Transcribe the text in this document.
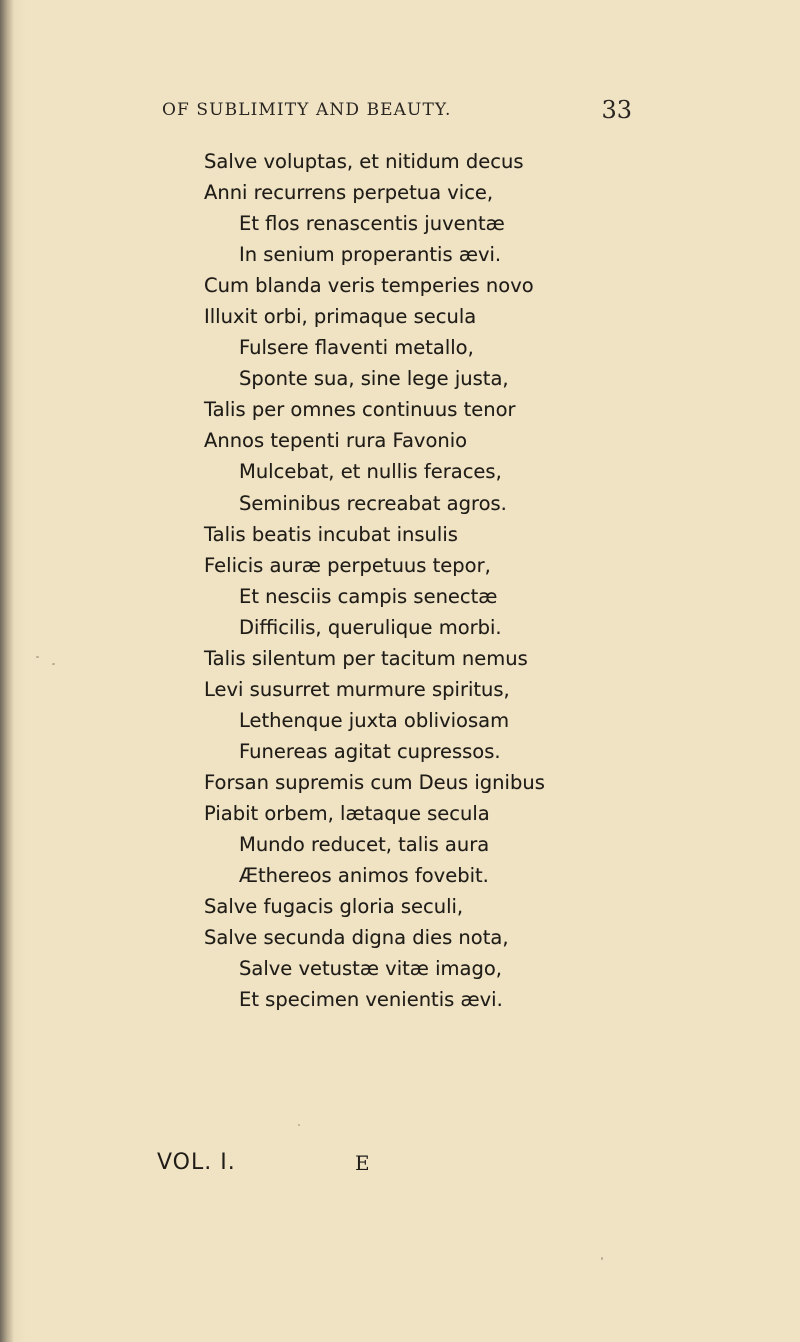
OF SUBLIMITY AND BEAUTY.	33
Salve voluptas, et nitidum decus
Anni recurrens perpetua vice,
Et flos renascentis juventæ
In senium properantis ævi.
Cum blanda veris temperies novo
Illuxit orbi, primaque secula
Fulsere flaventi metallo,
Sponte sua, sine lege justa,
Talis per omnes continuus tenor
Annos tepenti rura Favonio
Mulcebat, et nullis feraces,
Seminibus recreabat agros.
Talis beatis incubat insulis
Felicis auræ perpetuus tepor,
Et nesciis campis senectæ
Difficilis, querulique morbi.
Talis silentum per tacitum nemus
Levi susurret murmure spiritus,
Lethenque juxta obliviosam
Funereas agitat cupressos.
Forsan supremis cum Deus ignibus
Piabit orbem, lætaque secula
Mundo reducet, talis aura
Æthereos animos fovebit.
Salve fugacis gloria seculi,
Salve secunda digna dies nota,
Salve vetustæ vitæ imago,
Et specimen venientis ævi.
VOL. I.	E
